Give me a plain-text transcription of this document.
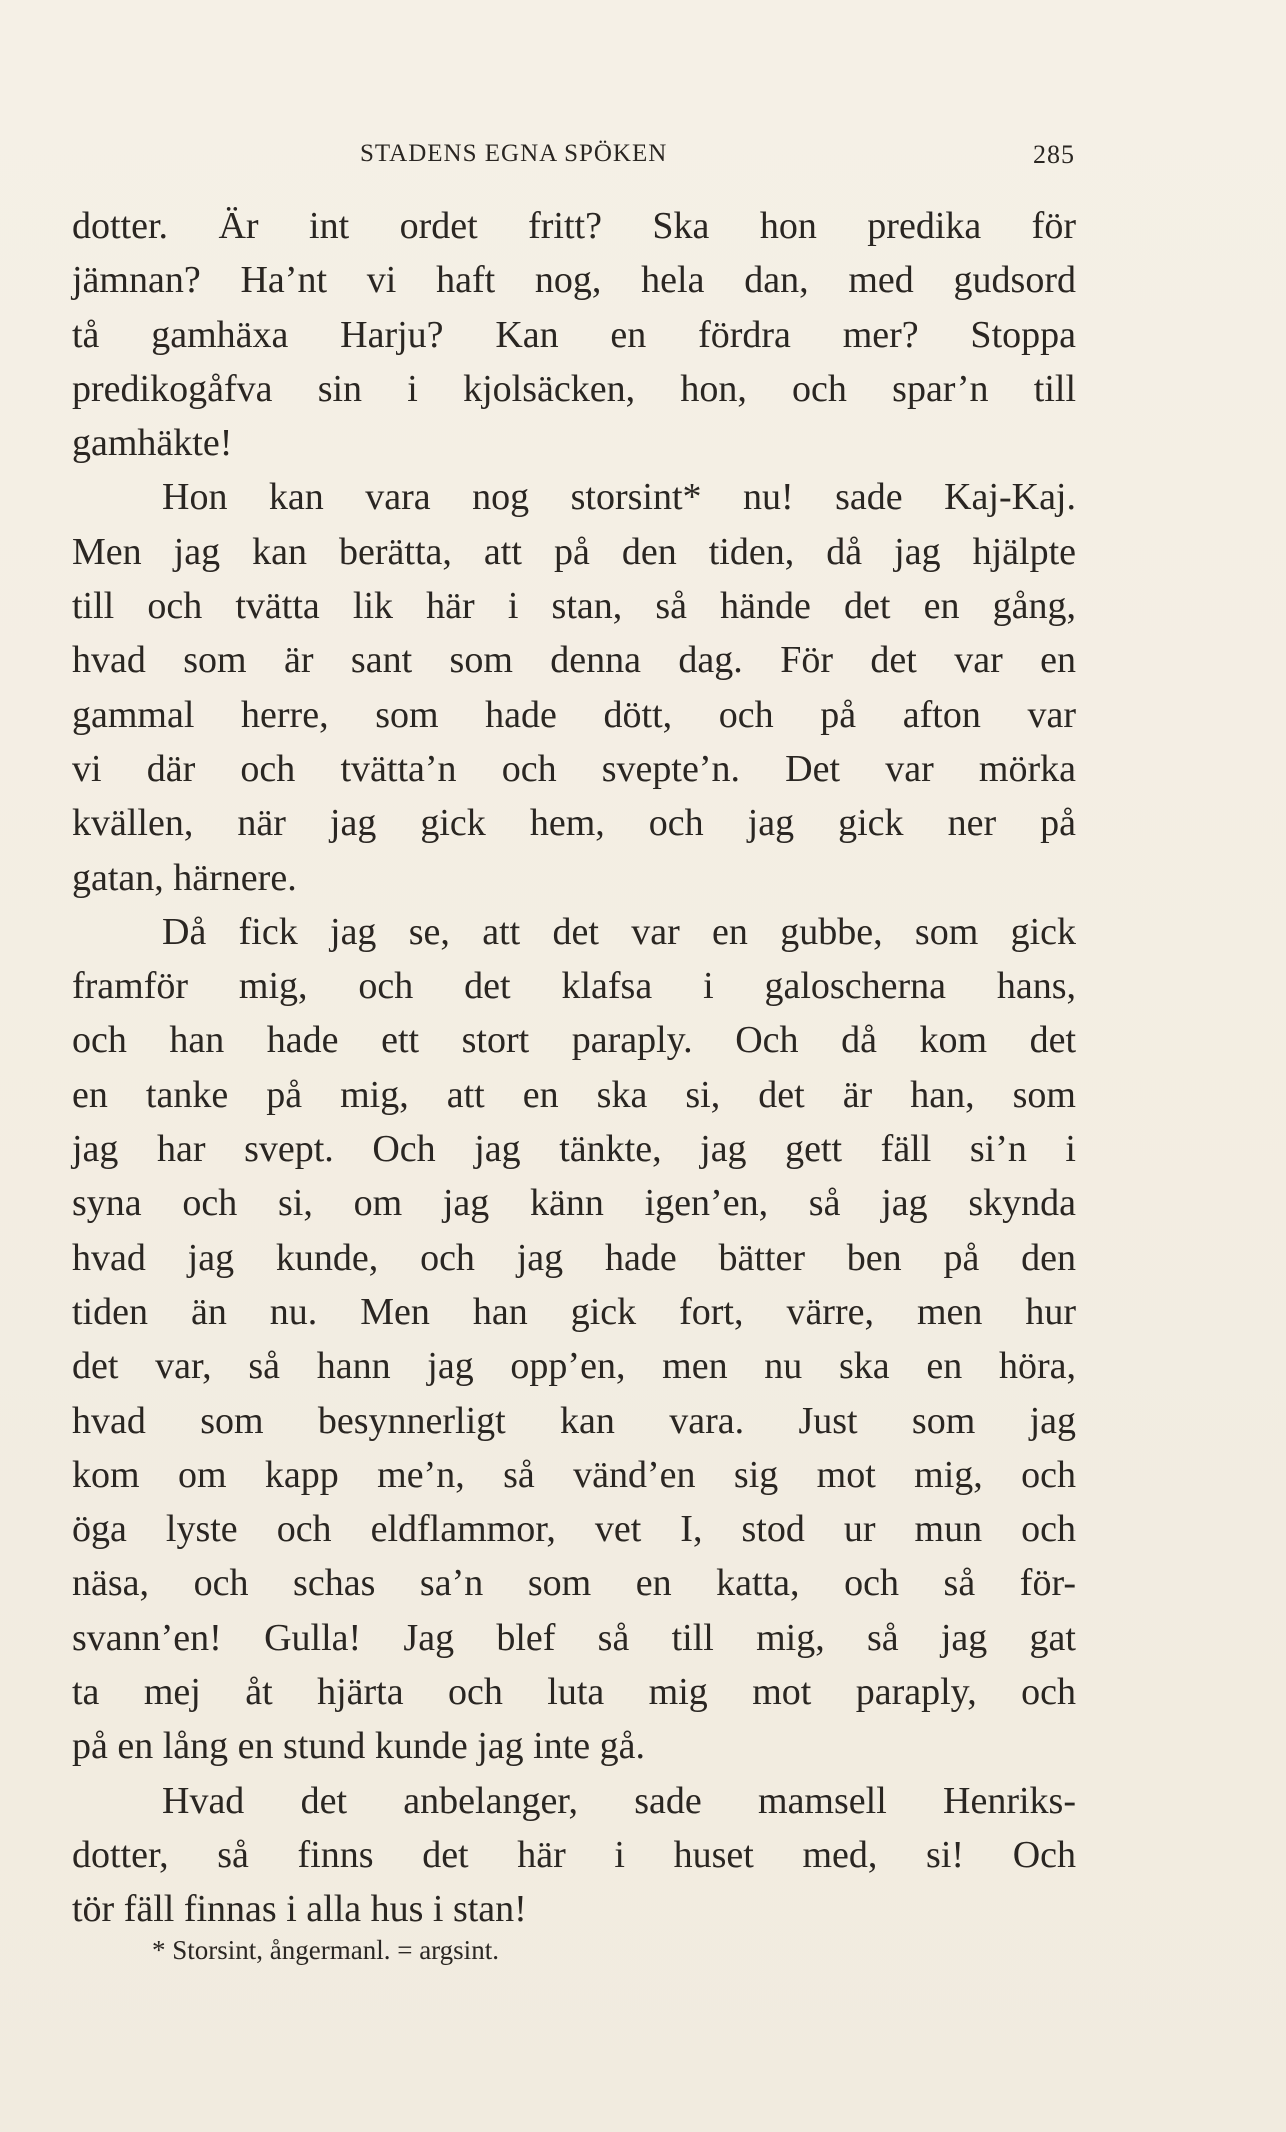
STADENS EGNA SPÖKEN	285
dotter. Är int ordet fritt? Ska hon predika för
jämnan? Ha’nt vi haft nog, hela dan, med gudsord
tå gamhäxa Harju? Kan en fördra mer? Stoppa
predikogåfva sin i kjolsäcken, hon, och spar’n till
gamhäkte!
Hon kan vara nog storsint* nu! sade Kaj-Kaj.
Men jag kan berätta, att på den tiden, då jag hjälpte
till och tvätta lik här i stan, så hände det en gång,
hvad som är sant som denna dag. För det var en
gammal herre, som hade dött, och på afton var
vi där och tvätta’n och svepte’n. Det var mörka
kvällen, när jag gick hem, och jag gick ner på
gatan, härnere.
Då fick jag se, att det var en gubbe, som gick
framför mig, och det klafsa i galoscherna hans,
och han hade ett stort paraply. Och då kom det
en tanke på mig, att en ska si, det är han, som
jag har svept. Och jag tänkte, jag gett fäll si’n i
syna och si, om jag känn igen’en, så jag skynda
hvad jag kunde, och jag hade bätter ben på den
tiden än nu. Men han gick fort, värre, men hur
det var, så hann jag opp’en, men nu ska en höra,
hvad som besynnerligt kan vara. Just som jag
kom om kapp me’n, så vänd’en sig mot mig, och
öga lyste och eldflammor, vet I, stod ur mun och
näsa, och schas sa’n som en katta, och så för-
svann’en! Gulla! Jag blef så till mig, så jag gat
ta mej åt hjärta och luta mig mot paraply, och
på en lång en stund kunde jag inte gå.
Hvad det anbelanger, sade mamsell Henriks-
dotter, så finns det här i huset med, si! Och
tör fäll finnas i alla hus i stan!
* Storsint, ångermanl. = argsint.
